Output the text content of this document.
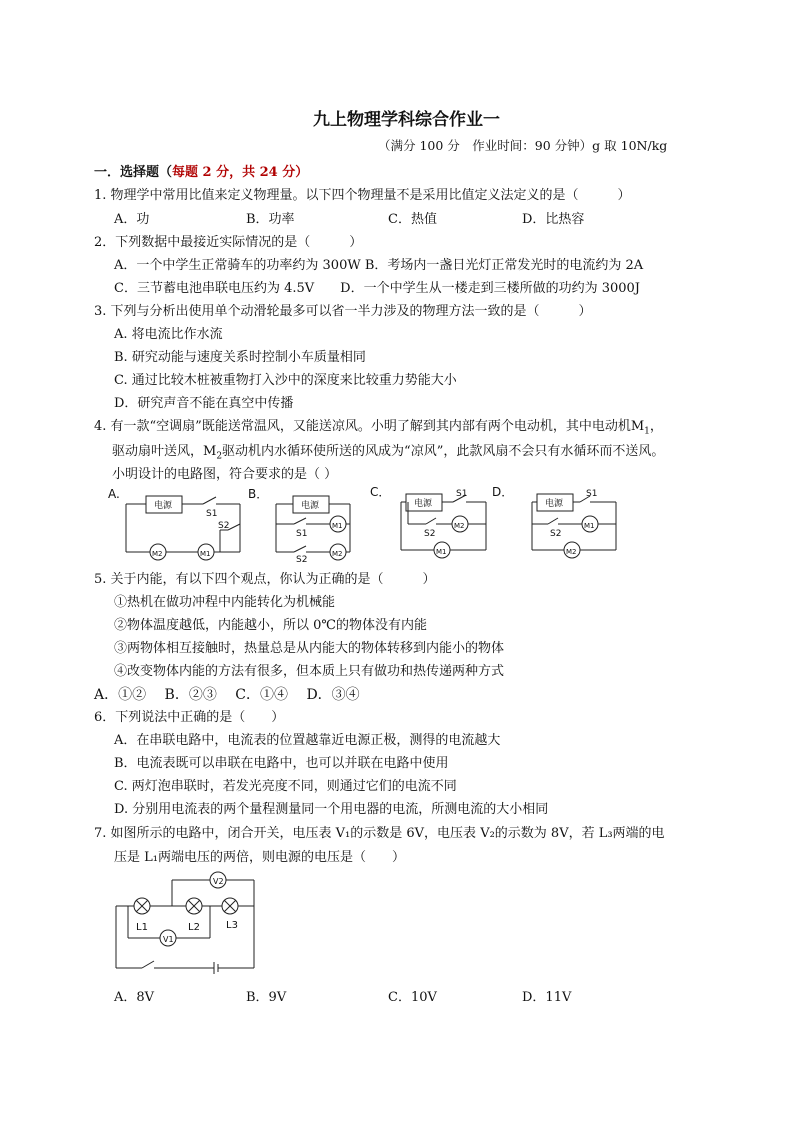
九上物理学科综合作业一
（满分 100 分　作业时间：90 分钟）g 取 10N/kg
一．选择题（每题 2 分，共 24 分）
1. 物理学中常用比值来定义物理量。以下四个物理量不是采用比值定义法定义的是（　　　）
A．功	B．功率	C．热值	D．比热容
2．下列数据中最接近实际情况的是（　　　）
A．一个中学生正常骑车的功率约为 300W B．考场内一盏日光灯正常发光时的电流约为 2A
C．三节蓄电池串联电压约为 4.5V　　D．一个中学生从一楼走到三楼所做的功约为 3000J
3. 下列与分析出使用单个动滑轮最多可以省一半力涉及的物理方法一致的是（　　　）
A. 将电流比作水流
B. 研究动能与速度关系时控制小车质量相同
C. 通过比较木桩被重物打入沙中的深度来比较重力势能大小
D．研究声音不能在真空中传播
4. 有一款“空调扇”既能送常温风，又能送凉风。小明了解到其内部有两个电动机，其中电动机$M_1$，
驱动扇叶送风，$M_2$驱动机内水循环使所送的风成为“凉风”，此款风扇不会只有水循环而不送风。
小明设计的电路图，符合要求的是（ ）
A.
电源
S1
S2
M2	M1
B．
电源
S1
S2
M1
M2
C．
电源
S1
S2
M2
M1
D．
电源
S1
S2
M1
M2
5. 关于内能，有以下四个观点，你认为正确的是（　　　）
①热机在做功冲程中内能转化为机械能
②物体温度越低，内能越小，所以 0℃的物体没有内能
③两物体相互接触时，热量总是从内能大的物体转移到内能小的物体
④改变物体内能的方法有很多，但本质上只有做功和热传递两种方式
A．①②　 B．②③　 C．①④　 D．③④
6．下列说法中正确的是（　　）
A．在串联电路中，电流表的位置越靠近电源正极，测得的电流越大
B．电流表既可以串联在电路中，也可以并联在电路中使用
C. 两灯泡串联时，若发光亮度不同，则通过它们的电流不同
D. 分别用电流表的两个量程测量同一个用电器的电流，所测电流的大小相同
7. 如图所示的电路中，闭合开关，电压表 V₁的示数是 6V，电压表 V₂的示数为 8V，若 L₃两端的电
压是 L₁两端电压的两倍，则电源的电压是（　　）
V2
V1
L1	L2	L3
A．8V	B．9V	C．10V	D．11V
